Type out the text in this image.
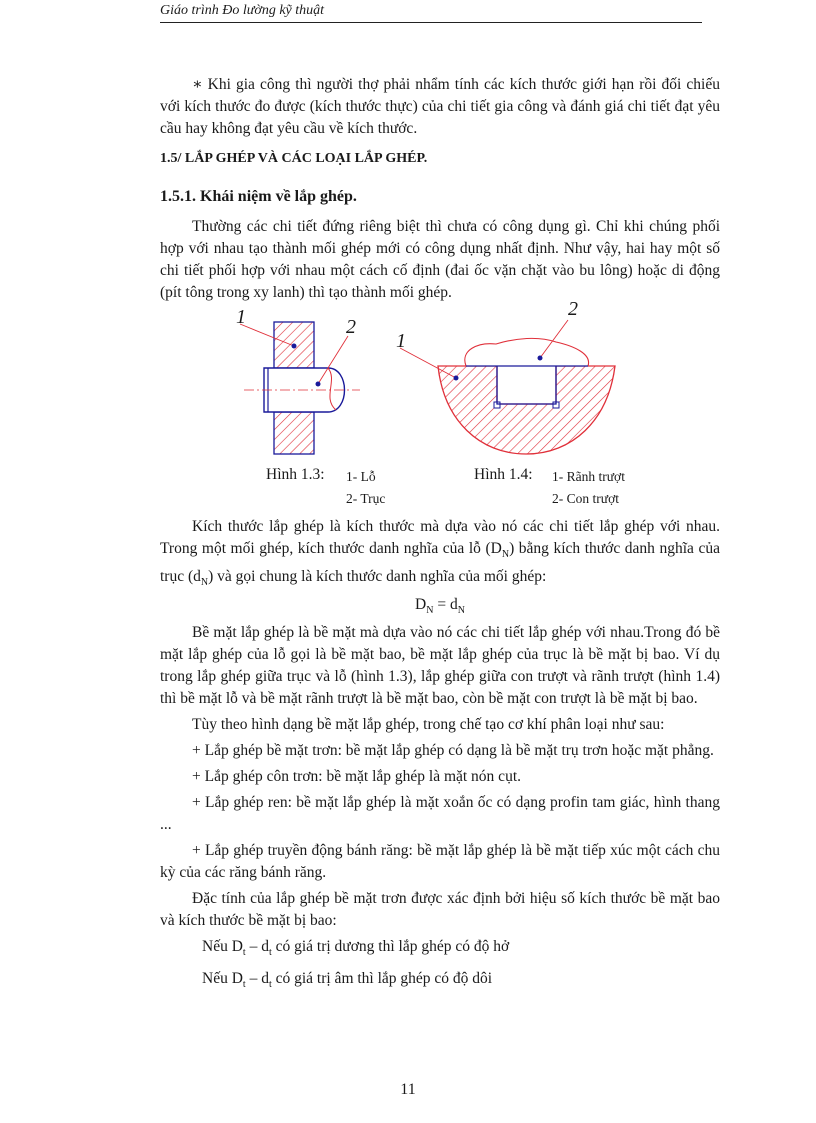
Giáo trình Đo lường kỹ thuật

∗ Khi gia công thì người thợ phải nhẩm tính các kích thước giới hạn rồi đối chiếu với kích thước đo được (kích thước thực) của chi tiết gia công và đánh giá chi tiết đạt yêu cầu hay không đạt yêu cầu về kích thước.

1.5/ LẮP GHÉP VÀ CÁC LOẠI LẮP GHÉP.

1.5.1. Khái niệm về lắp ghép.

Thường các chi tiết đứng riêng biệt thì chưa có công dụng gì. Chỉ khi chúng phối hợp với nhau tạo thành mối ghép mới có công dụng nhất định. Như vậy, hai hay một số chi tiết phối hợp với nhau một cách cố định (đai ốc vặn chặt vào bu lông) hoặc di động (pít tông trong xy lanh) thì tạo thành mối ghép.

1	2
1
2
Hình 1.3: 1- Lỗ
2- Trục
Hình 1.4: 1- Rãnh trượt
2- Con trượt

Kích thước lắp ghép là kích thước mà dựa vào nó các chi tiết lắp ghép với nhau. Trong một mối ghép, kích thước danh nghĩa của lỗ $(D_N)$ bằng kích thước danh nghĩa của trục $(d_N)$ và gọi chung là kích thước danh nghĩa của mối ghép:

$D_N = d_N$

Bề mặt lắp ghép là bề mặt mà dựa vào nó các chi tiết lắp ghép với nhau.Trong đó bề mặt lắp ghép của lỗ gọi là bề mặt bao, bề mặt lắp ghép của trục là bề mặt bị bao. Ví dụ trong lắp ghép giữa trục và lỗ (hình 1.3), lắp ghép giữa con trượt và rãnh trượt (hình 1.4) thì bề mặt lỗ và bề mặt rãnh trượt là bề mặt bao, còn bề mặt con trượt là bề mặt bị bao.

Tùy theo hình dạng bề mặt lắp ghép, trong chế tạo cơ khí phân loại như sau:

+ Lắp ghép bề mặt trơn: bề mặt lắp ghép có dạng là bề mặt trụ trơn hoặc mặt phẳng.

+ Lắp ghép côn trơn: bề mặt lắp ghép là mặt nón cụt.

+ Lắp ghép ren: bề mặt lắp ghép là mặt xoắn ốc có dạng profin tam giác, hình thang ...

+ Lắp ghép truyền động bánh răng: bề mặt lắp ghép là bề mặt tiếp xúc một cách chu kỳ của các răng bánh răng.

Đặc tính của lắp ghép bề mặt trơn được xác định bởi hiệu số kích thước bề mặt bao và kích thước bề mặt bị bao:

Nếu $D_t - d_t$ có giá trị dương thì lắp ghép có độ hở

Nếu $D_t - d_t$ có giá trị âm thì lắp ghép có độ dôi

11
